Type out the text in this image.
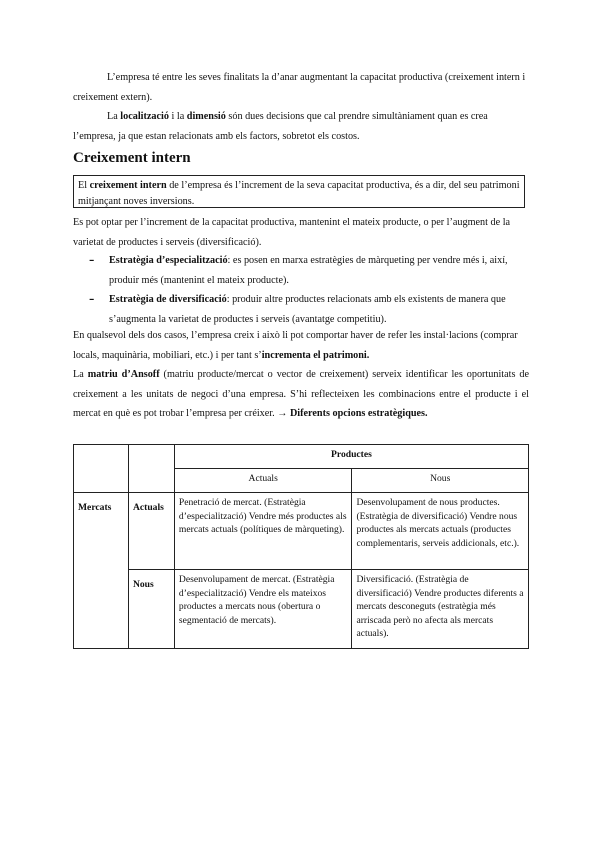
L’empresa té entre les seves finalitats la d’anar augmentant la capacitat productiva (creixement intern i creixement extern).

La localització i la dimensió són dues decisions que cal prendre simultàniament quan es crea l’empresa, ja que estan relacionats amb els factors, sobretot els costos.

Creixement intern

El creixement intern de l’empresa és l’increment de la seva capacitat productiva, és a dir, del seu patrimoni mitjançant noves inversions.

Es pot optar per l’increment de la capacitat productiva, mantenint el mateix producte, o per l’augment de la varietat de productes i serveis (diversificació).

- Estratègia d’especialització: es posen en marxa estratègies de màrqueting per vendre més i, així, produir més (mantenint el mateix producte).

- Estratègia de diversificació: produir altre productes relacionats amb els existents de manera que s’augmenta la varietat de productes i serveis (avantatge competitiu).

En qualsevol dels dos casos, l’empresa creix i això li pot comportar haver de refer les instal·lacions (comprar locals, maquinària, mobiliari, etc.) i per tant s’incrementa el patrimoni.

La matriu d’Ansoff (matriu producte/mercat o vector de creixement) serveix identificar les oportunitats de creixement a les unitats de negoci d’una empresa. S’hi reflecteixen les combinacions entre el producte i el mercat en què es pot trobar l’empresa per créixer. → Diferents opcions estratègiques.

		Productes	
		Actuals	Nous
Mercats	Actuals	Penetració de mercat. (Estratègia d’especialització) Vendre més productes als mercats actuals (polítiques de màrqueting).	Desenvolupament de nous productes. (Estratègia de diversificació) Vendre nous productes als mercats actuals (productes complementaris, serveis addicionals, etc.).
	Nous	Desenvolupament de mercat. (Estratègia d’especialització) Vendre els mateixos productes a mercats nous (obertura o segmentació de mercats).	Diversificació. (Estratègia de diversificació) Vendre productes diferents a mercats desconeguts (estratègia més arriscada però no afecta als mercats actuals).
